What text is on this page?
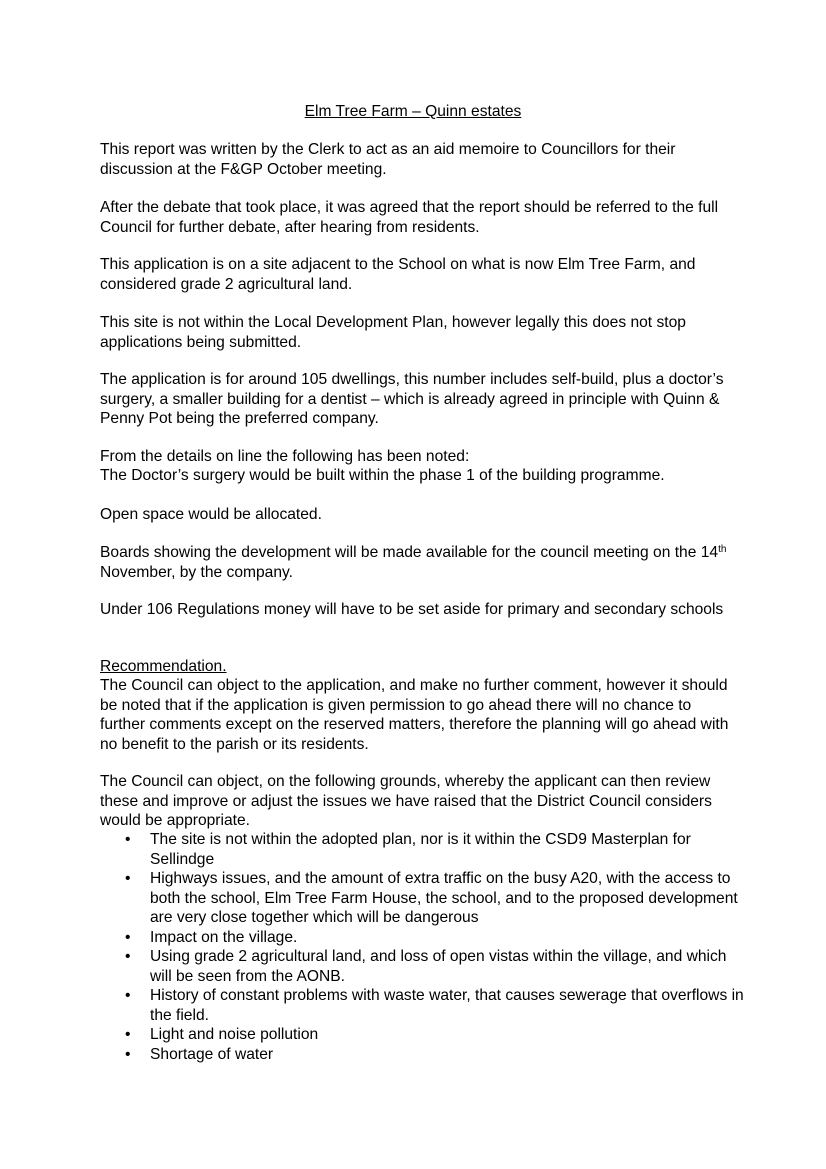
Elm Tree Farm – Quinn estates

This report was written by the Clerk to act as an aid memoire to Councillors for their discussion at the F&GP October meeting.

After the debate that took place, it was agreed that the report should be referred to the full Council for further debate, after hearing from residents.

This application is on a site adjacent to the School on what is now Elm Tree Farm, and considered grade 2 agricultural land.

This site is not within the Local Development Plan, however legally this does not stop applications being submitted.

The application is for around 105 dwellings, this number includes self-build, plus a doctor’s surgery, a smaller building for a dentist – which is already agreed in principle with Quinn & Penny Pot being the preferred company.

From the details on line the following has been noted:

The Doctor’s surgery would be built within the phase 1 of the building programme.

Open space would be allocated.

Boards showing the development will be made available for the council meeting on the 14th November, by the company.

Under 106 Regulations money will have to be set aside for primary and secondary schools

Recommendation.

The Council can object to the application, and make no further comment, however it should be noted that if the application is given permission to go ahead there will no chance to further comments except on the reserved matters, therefore the planning will go ahead with no benefit to the parish or its residents.

The Council can object, on the following grounds, whereby the applicant can then review these and improve or adjust the issues we have raised that the District Council considers would be appropriate.

• The site is not within the adopted plan, nor is it within the CSD9 Masterplan for Sellindge
• Highways issues, and the amount of extra traffic on the busy A20, with the access to both the school, Elm Tree Farm House, the school, and to the proposed development are very close together which will be dangerous
• Impact on the village.
• Using grade 2 agricultural land, and loss of open vistas within the village, and which will be seen from the AONB.
• History of constant problems with waste water, that causes sewerage that overflows in the field.
• Light and noise pollution
• Shortage of water
